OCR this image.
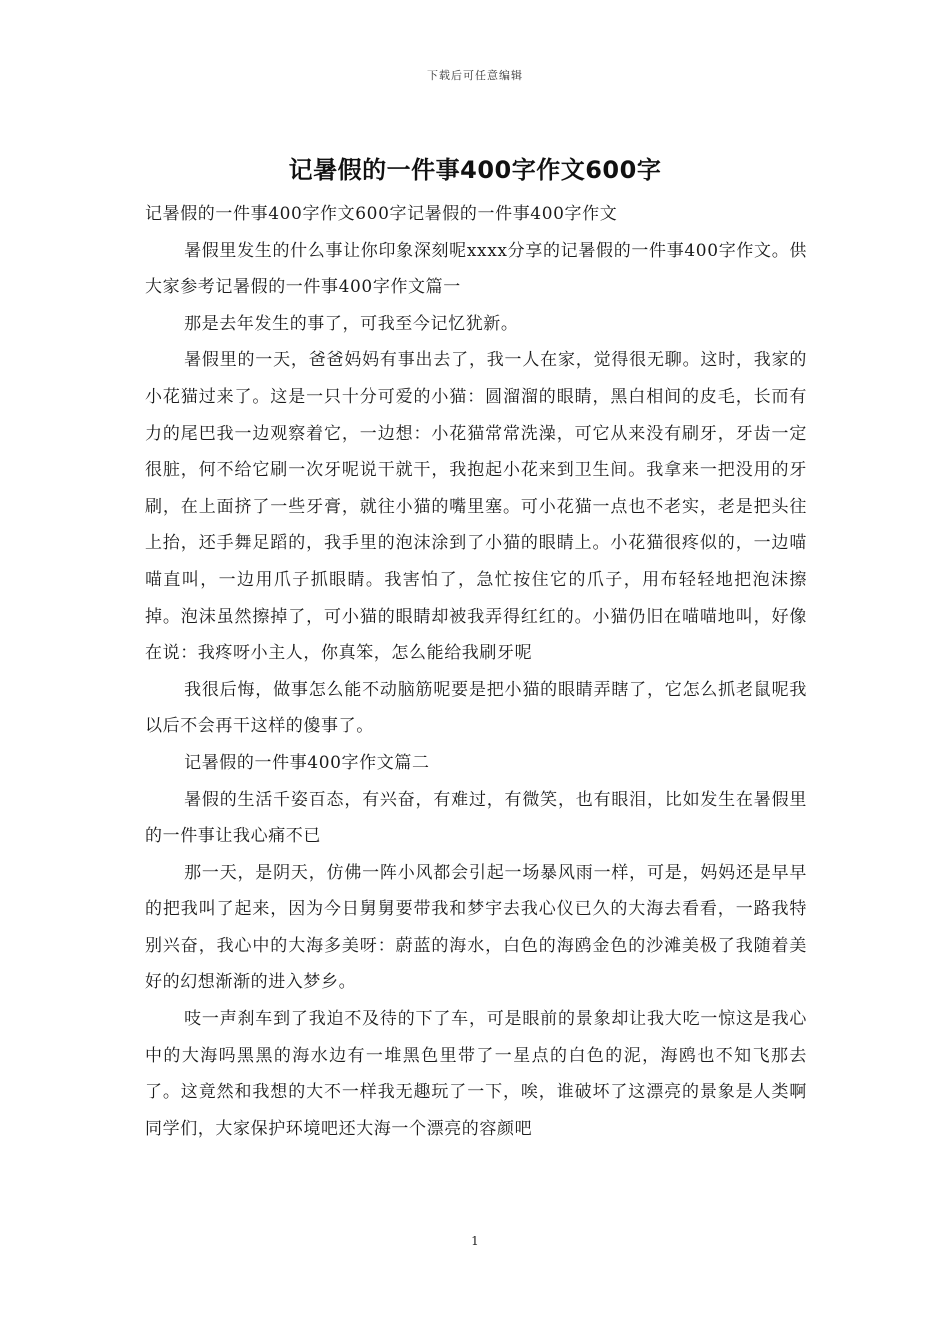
下载后可任意编辑
记暑假的一件事400字作文600字

记暑假的一件事400字作文600字记暑假的一件事400字作文

暑假里发生的什么事让你印象深刻呢xxxx分享的记暑假的一件事400字作文。供大家参考记暑假的一件事400字作文篇一

那是去年发生的事了，可我至今记忆犹新。

暑假里的一天，爸爸妈妈有事出去了，我一人在家，觉得很无聊。这时，我家的小花猫过来了。这是一只十分可爱的小猫：圆溜溜的眼睛，黑白相间的皮毛，长而有力的尾巴我一边观察着它，一边想：小花猫常常洗澡，可它从来没有刷牙，牙齿一定很脏，何不给它刷一次牙呢说干就干，我抱起小花来到卫生间。我拿来一把没用的牙刷，在上面挤了一些牙膏，就往小猫的嘴里塞。可小花猫一点也不老实，老是把头往上抬，还手舞足蹈的，我手里的泡沫涂到了小猫的眼睛上。小花猫很疼似的，一边喵喵直叫，一边用爪子抓眼睛。我害怕了，急忙按住它的爪子，用布轻轻地把泡沫擦掉。泡沫虽然擦掉了，可小猫的眼睛却被我弄得红红的。小猫仍旧在喵喵地叫，好像在说：我疼呀小主人，你真笨，怎么能给我刷牙呢

我很后悔，做事怎么能不动脑筋呢要是把小猫的眼睛弄瞎了，它怎么抓老鼠呢我以后不会再干这样的傻事了。

记暑假的一件事400字作文篇二

暑假的生活千姿百态，有兴奋，有难过，有微笑，也有眼泪，比如发生在暑假里的一件事让我心痛不已

那一天，是阴天，仿佛一阵小风都会引起一场暴风雨一样，可是，妈妈还是早早的把我叫了起来，因为今日舅舅要带我和梦宇去我心仪已久的大海去看看，一路我特别兴奋，我心中的大海多美呀：蔚蓝的海水，白色的海鸥金色的沙滩美极了我随着美好的幻想渐渐的进入梦乡。

吱一声刹车到了我迫不及待的下了车，可是眼前的景象却让我大吃一惊这是我心中的大海吗黑黑的海水边有一堆黑色里带了一星点的白色的泥，海鸥也不知飞那去了。这竟然和我想的大不一样我无趣玩了一下，唉，谁破坏了这漂亮的景象是人类啊同学们，大家保护环境吧还大海一个漂亮的容颜吧

1
